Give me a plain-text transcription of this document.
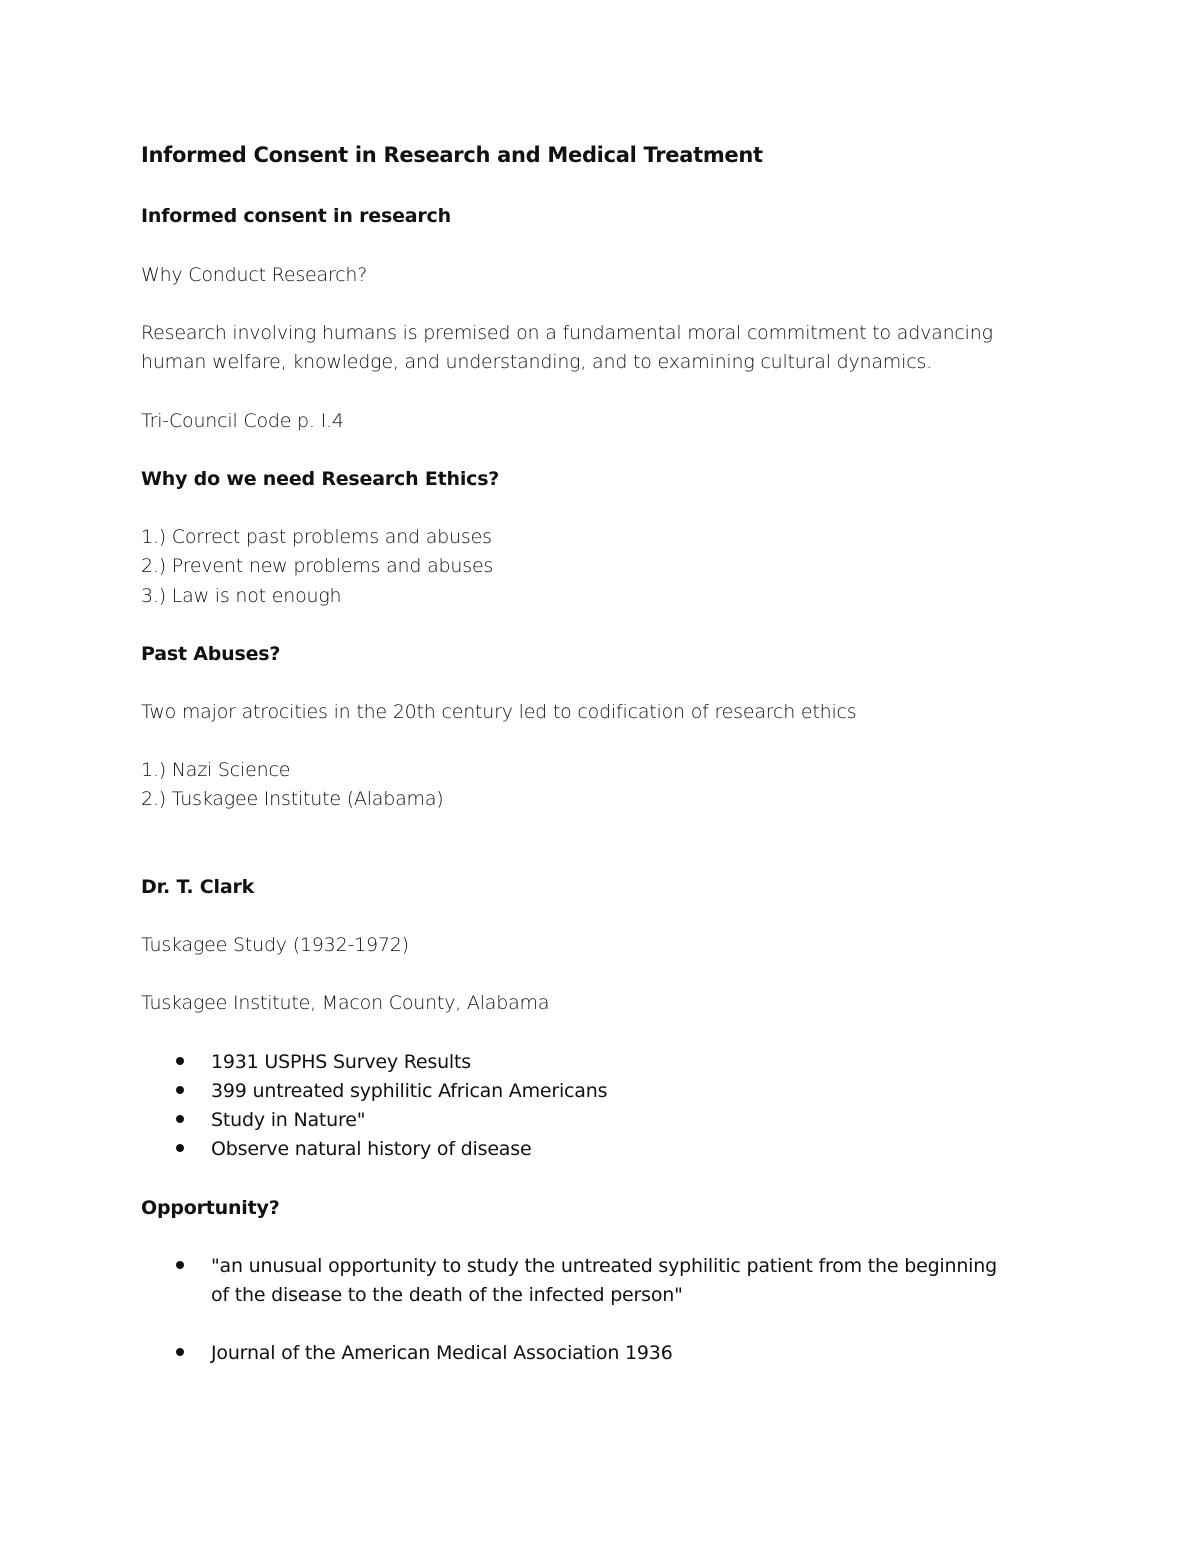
Informed Consent in Research and Medical Treatment
Informed consent in research
Why Conduct Research?
Research involving humans is premised on a fundamental moral commitment to advancing
human welfare, knowledge, and understanding, and to examining cultural dynamics.
Tri-Council Code p. I.4
Why do we need Research Ethics?
1.) Correct past problems and abuses
2.) Prevent new problems and abuses
3.) Law is not enough
Past Abuses?
Two major atrocities in the 20th century led to codification of research ethics
1.) Nazi Science
2.) Tuskagee Institute (Alabama)
Dr. T. Clark
Tuskagee Study (1932-1972)
Tuskagee Institute, Macon County, Alabama
1931 USPHS Survey Results
399 untreated syphilitic African Americans
Study in Nature"
Observe natural history of disease
Opportunity?
"an unusual opportunity to study the untreated syphilitic patient from the beginning
of the disease to the death of the infected person"
Journal of the American Medical Association 1936
